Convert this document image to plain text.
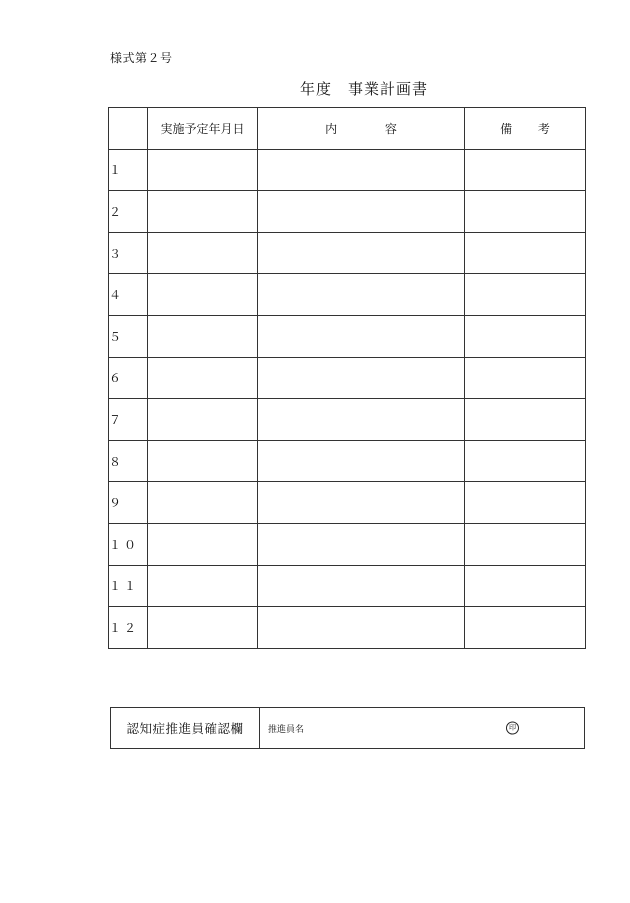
様式第２号
年度　事業計画書
	実施予定年月日	内 容	備 考
１			
２			
３			
４			
５			
６			
７			
８			
９			
１０			
１１			
１２			
認知症推進員確認欄	推進員名	印
